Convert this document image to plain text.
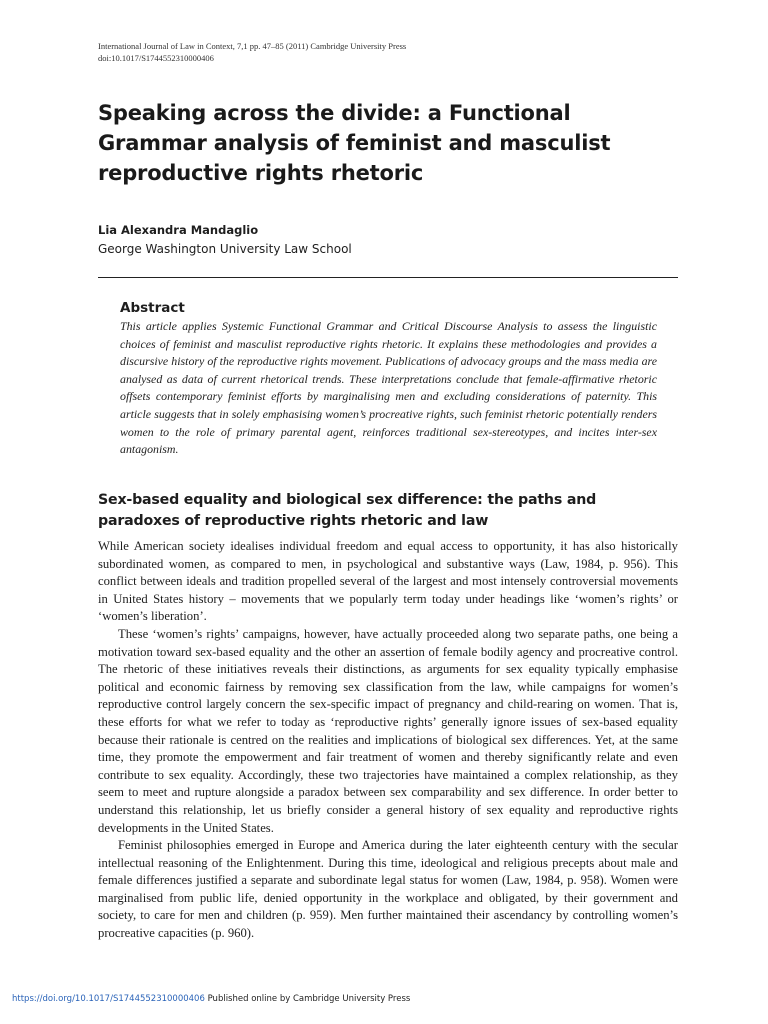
International Journal of Law in Context, 7,1 pp. 47–85 (2011) Cambridge University Press
doi:10.1017/S1744552310000406
Speaking across the divide: a Functional Grammar analysis of feminist and masculist reproductive rights rhetoric
Lia Alexandra Mandaglio
George Washington University Law School
Abstract
This article applies Systemic Functional Grammar and Critical Discourse Analysis to assess the linguistic choices of feminist and masculist reproductive rights rhetoric. It explains these methodologies and provides a discursive history of the reproductive rights movement. Publications of advocacy groups and the mass media are analysed as data of current rhetorical trends. These interpretations conclude that female-affirmative rhetoric offsets contemporary feminist efforts by marginalising men and excluding considerations of paternity. This article suggests that in solely emphasising women’s procreative rights, such feminist rhetoric potentially renders women to the role of primary parental agent, reinforces traditional sex-stereotypes, and incites inter-sex antagonism.
Sex-based equality and biological sex difference: the paths and paradoxes of reproductive rights rhetoric and law

While American society idealises individual freedom and equal access to opportunity, it has also historically subordinated women, as compared to men, in psychological and substantive ways (Law, 1984, p. 956). This conflict between ideals and tradition propelled several of the largest and most intensely controversial movements in United States history – movements that we popularly term today under headings like ‘women’s rights’ or ‘women’s liberation’.

These ‘women’s rights’ campaigns, however, have actually proceeded along two separate paths, one being a motivation toward sex-based equality and the other an assertion of female bodily agency and procreative control. The rhetoric of these initiatives reveals their distinctions, as arguments for sex equality typically emphasise political and economic fairness by removing sex classification from the law, while campaigns for women’s reproductive control largely concern the sex-specific impact of pregnancy and child-rearing on women. That is, these efforts for what we refer to today as ‘reproductive rights’ generally ignore issues of sex-based equality because their rationale is centred on the realities and implications of biological sex differences. Yet, at the same time, they promote the empowerment and fair treatment of women and thereby significantly relate and even contribute to sex equality. Accordingly, these two trajectories have maintained a complex relationship, as they seem to meet and rupture alongside a paradox between sex comparability and sex difference. In order better to understand this relationship, let us briefly consider a general history of sex equality and reproductive rights developments in the United States.

Feminist philosophies emerged in Europe and America during the later eighteenth century with the secular intellectual reasoning of the Enlightenment. During this time, ideological and religious precepts about male and female differences justified a separate and subordinate legal status for women (Law, 1984, p. 958). Women were marginalised from public life, denied opportunity in the workplace and obligated, by their government and society, to care for men and children (p. 959). Men further maintained their ascendancy by controlling women’s procreative capacities (p. 960).

https://doi.org/10.1017/S1744552310000406 Published online by Cambridge University Press
